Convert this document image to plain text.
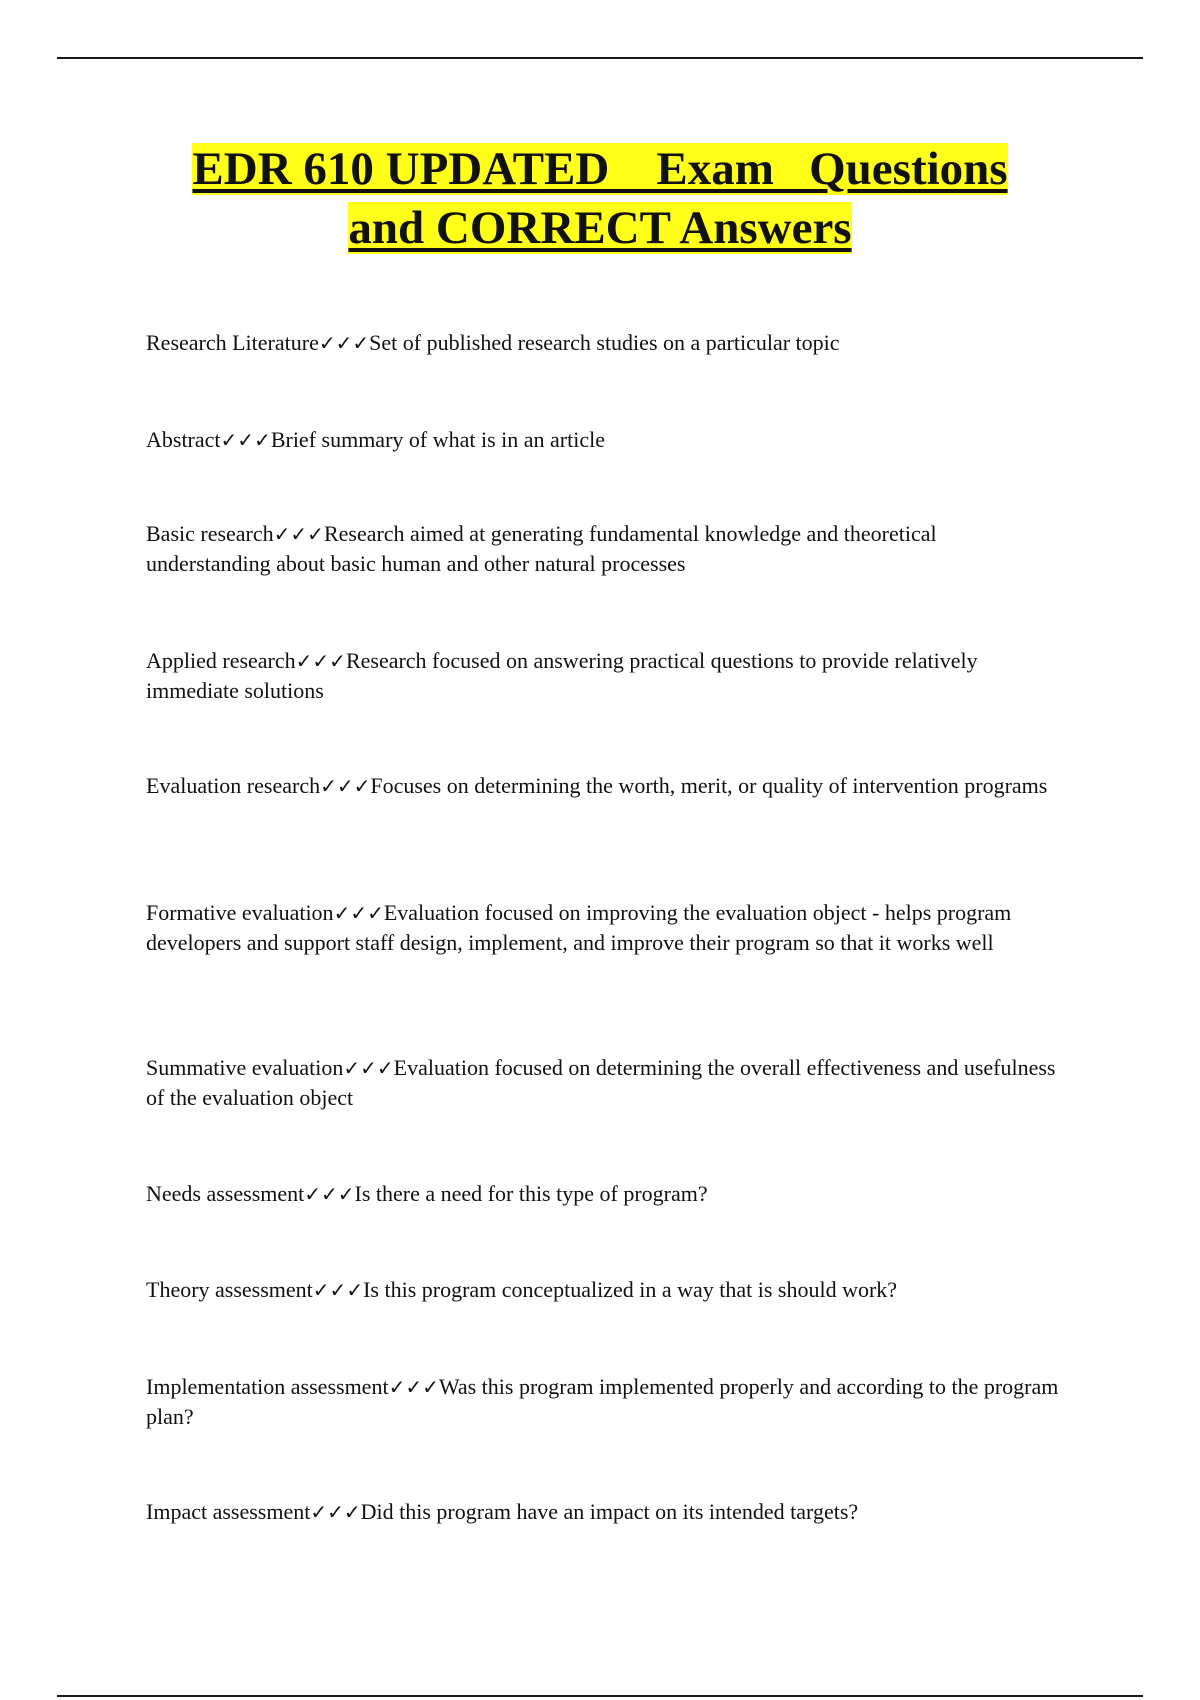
EDR 610 UPDATED    Exam   Questions
and CORRECT Answers
Research Literature✓✓✓Set of published research studies on a particular topic
Abstract✓✓✓Brief summary of what is in an article
Basic research✓✓✓Research aimed at generating fundamental knowledge and theoretical understanding about basic human and other natural processes
Applied research✓✓✓Research focused on answering practical questions to provide relatively immediate solutions
Evaluation research✓✓✓Focuses on determining the worth, merit, or quality of intervention programs
Formative evaluation✓✓✓Evaluation focused on improving the evaluation object - helps program developers and support staff design, implement, and improve their program so that it works well
Summative evaluation✓✓✓Evaluation focused on determining the overall effectiveness and usefulness of the evaluation object
Needs assessment✓✓✓Is there a need for this type of program?
Theory assessment✓✓✓Is this program conceptualized in a way that is should work?
Implementation assessment✓✓✓Was this program implemented properly and according to the program plan?
Impact assessment✓✓✓Did this program have an impact on its intended targets?
